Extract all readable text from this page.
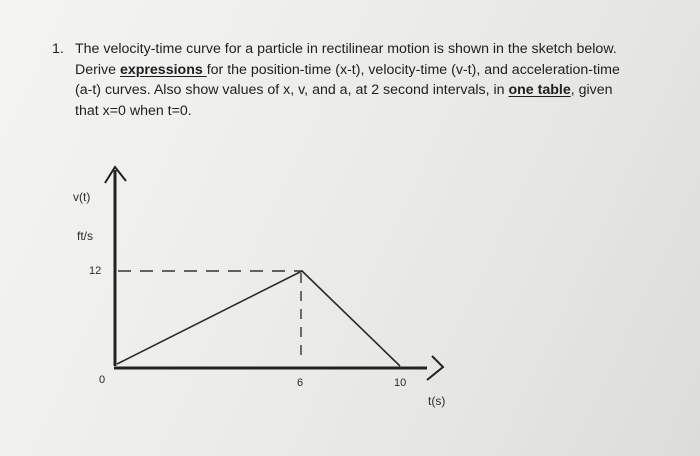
1. The velocity-time curve for a particle in rectilinear motion is shown in the sketch below.
Derive expressions for the position-time (x-t), velocity-time (v-t), and acceleration-time
(a-t) curves. Also show values of x, v, and a, at 2 second intervals, in one table, given
that x=0 when t=0.
v(t)
ft/s
12
0	6	10
t(s)
